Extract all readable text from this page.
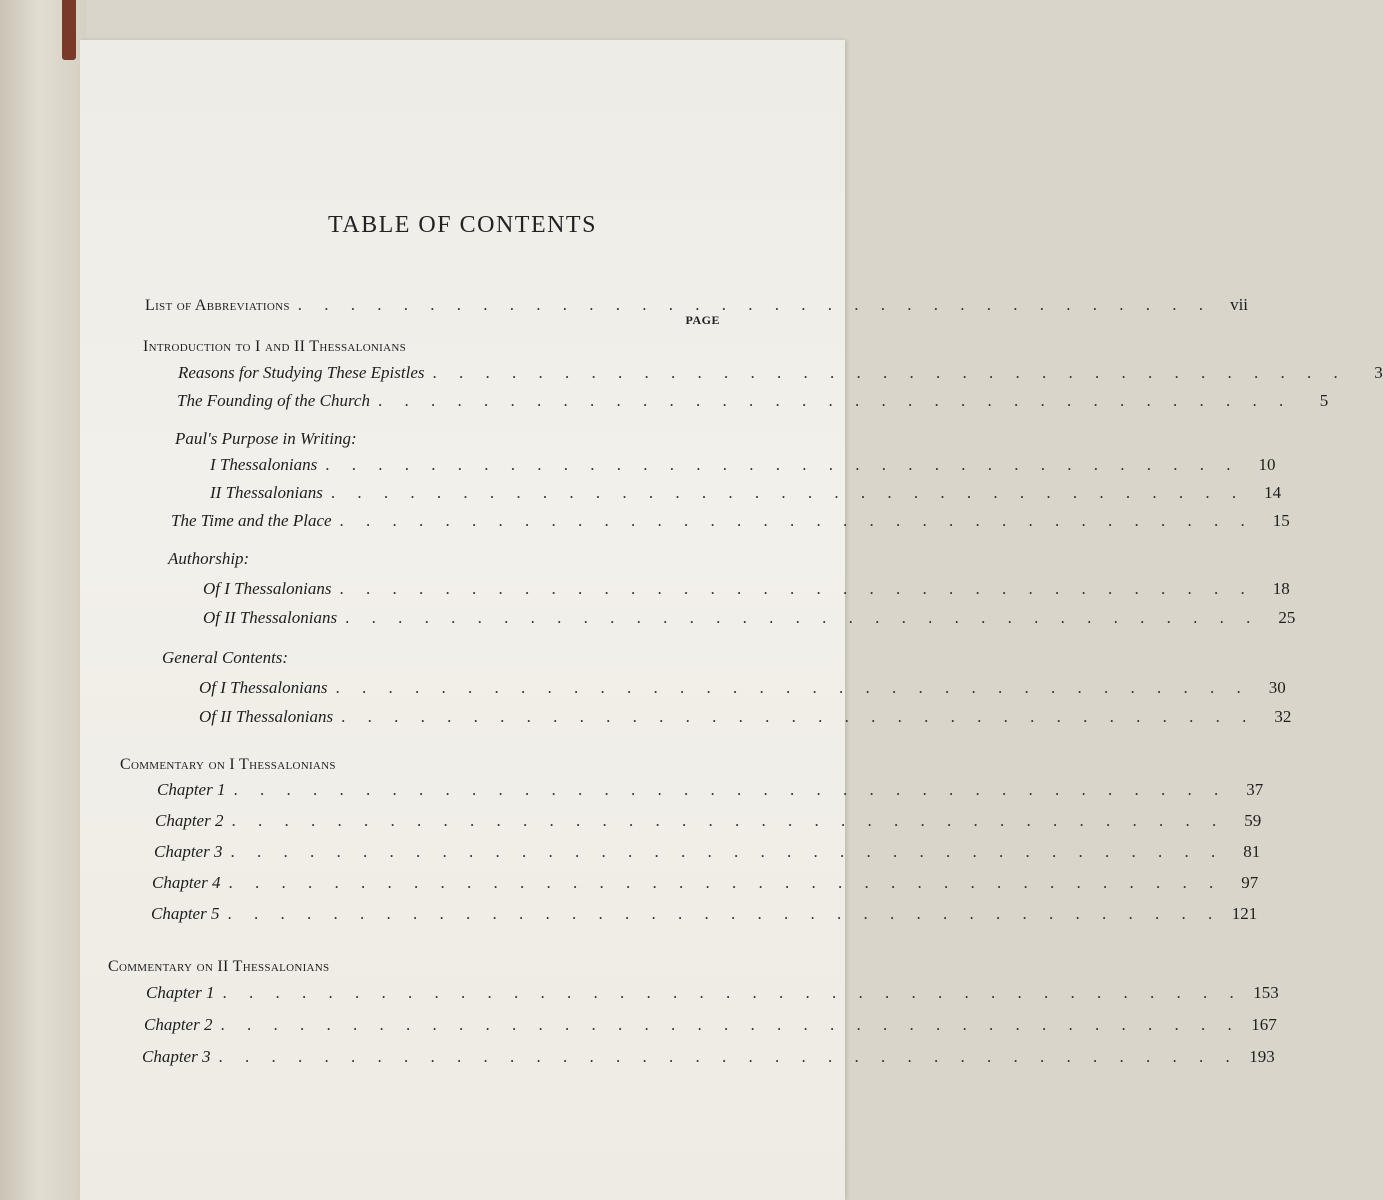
TABLE OF CONTENTS
PAGE
List of Abbreviations . . . . . . . . . . . . . . . . . . . . . . . . . . . . . . . . . . .	vii
Introduction to I and II Thessalonians
Reasons for Studying These Epistles . . . . . . . . . . . . . . . . . . . . . . . . . . . . . . . . . . .	3
The Founding of the Church . . . . . . . . . . . . . . . . . . . . . . . . . . . . . . . . . . .	5
Paul's Purpose in Writing:
I Thessalonians . . . . . . . . . . . . . . . . . . . . . . . . . . . . . . . . . . .	10
II Thessalonians . . . . . . . . . . . . . . . . . . . . . . . . . . . . . . . . . . .	14
The Time and the Place . . . . . . . . . . . . . . . . . . . . . . . . . . . . . . . . . . .	15
Authorship:
Of I Thessalonians . . . . . . . . . . . . . . . . . . . . . . . . . . . . . . . . . . .	18
Of II Thessalonians . . . . . . . . . . . . . . . . . . . . . . . . . . . . . . . . . . .	25
General Contents:
Of I Thessalonians . . . . . . . . . . . . . . . . . . . . . . . . . . . . . . . . . . .	30
Of II Thessalonians . . . . . . . . . . . . . . . . . . . . . . . . . . . . . . . . . . .	32
Commentary on I Thessalonians
Chapter 1 . . . . . . . . . . . . . . . . . . . . . . . . . . . . . . . . . . . . . .	37
Chapter 2 . . . . . . . . . . . . . . . . . . . . . . . . . . . . . . . . . . . . . .	59
Chapter 3 . . . . . . . . . . . . . . . . . . . . . . . . . . . . . . . . . . . . . .	81
Chapter 4 . . . . . . . . . . . . . . . . . . . . . . . . . . . . . . . . . . . . . .	97
Chapter 5 . . . . . . . . . . . . . . . . . . . . . . . . . . . . . . . . . . . . . . 121
Commentary on II Thessalonians
Chapter 1 . . . . . . . . . . . . . . . . . . . . . . . . . . . . . . . . . . . . . . . 153
Chapter 2 . . . . . . . . . . . . . . . . . . . . . . . . . . . . . . . . . . . . . . . 167
Chapter 3 . . . . . . . . . . . . . . . . . . . . . . . . . . . . . . . . . . . . . . . 193
